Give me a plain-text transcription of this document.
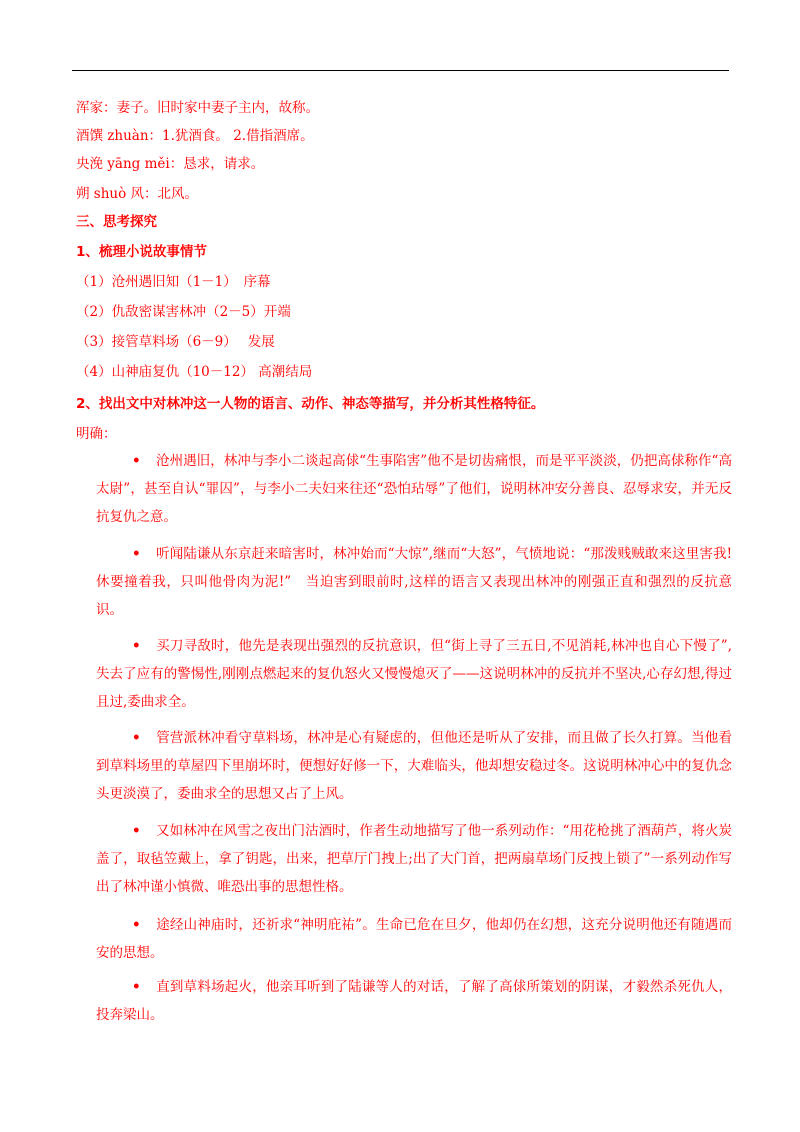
浑家：妻子。旧时家中妻子主内，故称。
酒馔 zhuàn：1.犹酒食。 2.借指酒席。
央浼 yāng měi：恳求，请求。
朔 shuò 风：北风。
三、思考探究
1、梳理小说故事情节
（1）沧州遇旧知（1－1）　序幕
（2）仇敌密谋害林冲（2－5）开端
（3）接管草料场（6－9）　 发展
（4）山神庙复仇（10－12） 高潮结局
2、找出文中对林冲这一人物的语言、动作、神态等描写，并分析其性格特征。
明确：

• 沧州遇旧，林冲与李小二谈起高俅“生事陷害”他不是切齿痛恨，而是平平淡淡，仍把高俅称作“高太尉”，甚至自认“罪囚”，与李小二夫妇来往还“恐怕玷辱”了他们，说明林冲安分善良、忍辱求安，并无反抗复仇之意。

• 听闻陆谦从东京赶来暗害时，林冲始而“大惊”,继而“大怒”，气愤地说：“那泼贱贼敢来这里害我!休要撞着我，只叫他骨肉为泥!”　当迫害到眼前时,这样的语言又表现出林冲的刚强正直和强烈的反抗意识。

• 买刀寻敌时，他先是表现出强烈的反抗意识，但“街上寻了三五日,不见消耗,林冲也自心下慢了”,失去了应有的警惕性,刚刚点燃起来的复仇怒火又慢慢熄灭了——这说明林冲的反抗并不坚决,心存幻想,得过且过,委曲求全。

• 管营派林冲看守草料场，林冲是心有疑虑的，但他还是听从了安排，而且做了长久打算。当他看到草料场里的草屋四下里崩坏时，便想好好修一下，大难临头，他却想安稳过冬。这说明林冲心中的复仇念头更淡漠了，委曲求全的思想又占了上风。

• 又如林冲在风雪之夜出门沽酒时，作者生动地描写了他一系列动作：“用花枪挑了酒葫芦，将火炭盖了，取毡笠戴上，拿了钥匙，出来，把草厅门拽上;出了大门首，把两扇草场门反拽上锁了”一系列动作写出了林冲谨小慎微、唯恐出事的思想性格。

• 途经山神庙时，还祈求“神明庇祐”。生命已危在旦夕，他却仍在幻想，这充分说明他还有随遇而安的思想。

• 直到草料场起火，他亲耳听到了陆谦等人的对话，了解了高俅所策划的阴谋，才毅然杀死仇人，投奔梁山。
